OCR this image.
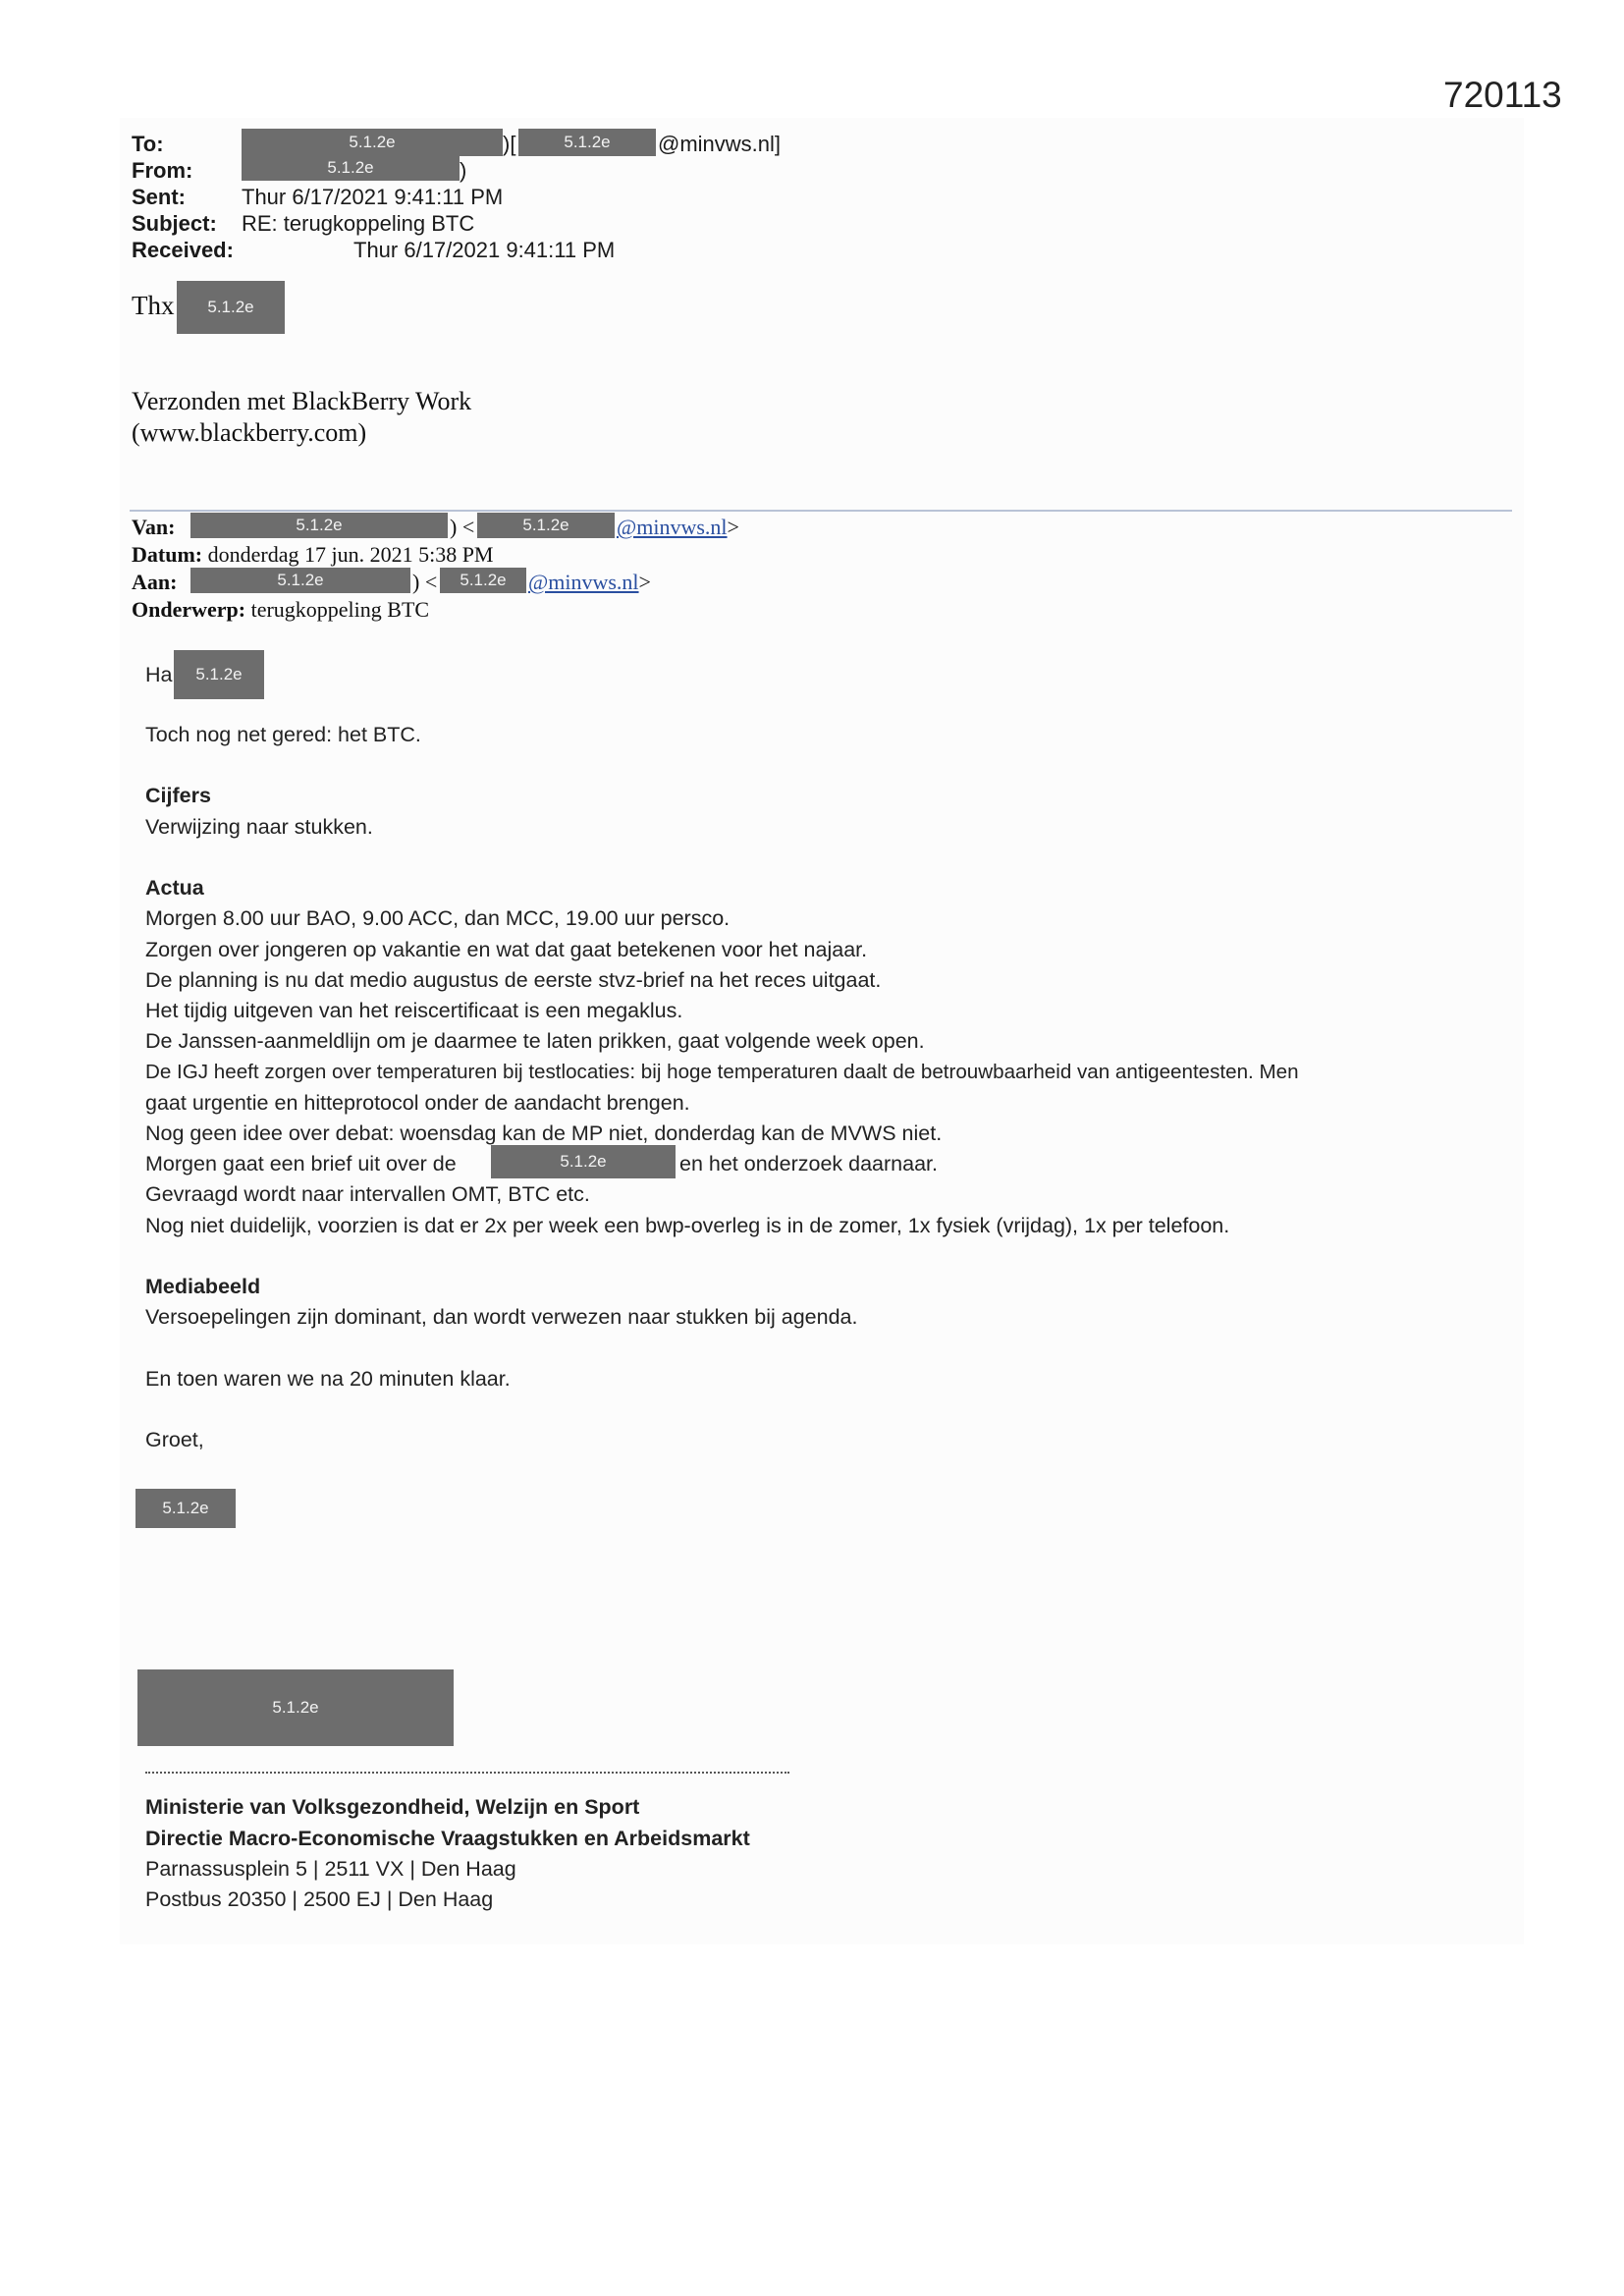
720113
To:	5.1.2e	)[	5.1.2e	@minvws.nl]
From:	5.1.2e	)
Sent:	Thur 6/17/2021 9:41:11 PM
Subject: RE: terugkoppeling BTC
Received:	Thur 6/17/2021 9:41:11 PM
Thx	5.1.2e
Verzonden met BlackBerry Work
(www.blackberry.com)
Van:	5.1.2e	) <	5.1.2e	@minvws.nl>
Datum: donderdag 17 jun. 2021 5:38 PM
Aan:	5.1.2e	) <	5.1.2e	@minvws.nl>
Onderwerp: terugkoppeling BTC
Ha	5.1.2e
Toch nog net gered: het BTC.
Cijfers
Verwijzing naar stukken.
Actua
Morgen 8.00 uur BAO, 9.00 ACC, dan MCC, 19.00 uur persco.
Zorgen over jongeren op vakantie en wat dat gaat betekenen voor het najaar.
De planning is nu dat medio augustus de eerste stvz-brief na het reces uitgaat.
Het tijdig uitgeven van het reiscertificaat is een megaklus.
De Janssen-aanmeldlijn om je daarmee te laten prikken, gaat volgende week open.
De IGJ heeft zorgen over temperaturen bij testlocaties: bij hoge temperaturen daalt de betrouwbaarheid van antigeentesten. Men
gaat urgentie en hitteprotocol onder de aandacht brengen.
Nog geen idee over debat: woensdag kan de MP niet, donderdag kan de MVWS niet.
Morgen gaat een brief uit over de	5.1.2e	en het onderzoek daarnaar.
Gevraagd wordt naar intervallen OMT, BTC etc.
Nog niet duidelijk, voorzien is dat er 2x per week een bwp-overleg is in de zomer, 1x fysiek (vrijdag), 1x per telefoon.
Mediabeeld
Versoepelingen zijn dominant, dan wordt verwezen naar stukken bij agenda.
En toen waren we na 20 minuten klaar.
Groet,
5.1.2e
5.1.2e
Ministerie van Volksgezondheid, Welzijn en Sport
Directie Macro-Economische Vraagstukken en Arbeidsmarkt
Parnassusplein 5 | 2511 VX | Den Haag
Postbus 20350 | 2500 EJ | Den Haag
